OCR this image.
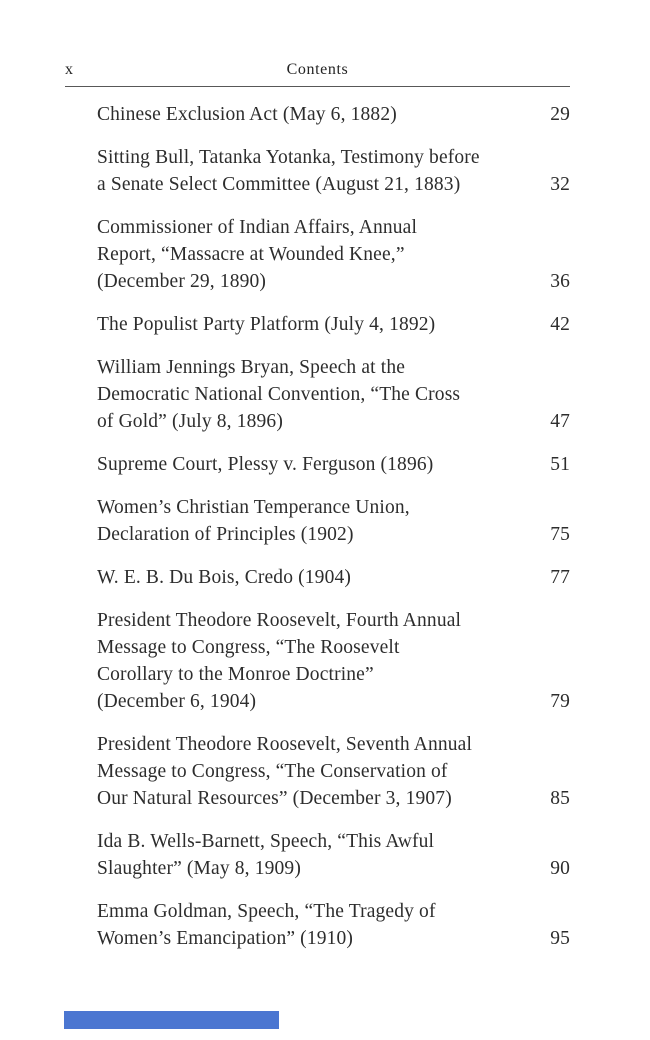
x	Contents
Chinese Exclusion Act (May 6, 1882)	29
Sitting Bull, Tatanka Yotanka, Testimony before
a Senate Select Committee (August 21, 1883)	32
Commissioner of Indian Affairs, Annual
Report, “Massacre at Wounded Knee,”
(December 29, 1890)	36
The Populist Party Platform (July 4, 1892)	42
William Jennings Bryan, Speech at the
Democratic National Convention, “The Cross
of Gold” (July 8, 1896)	47
Supreme Court, Plessy v. Ferguson (1896)	51
Women’s Christian Temperance Union,
Declaration of Principles (1902)	75
W. E. B. Du Bois, Credo (1904)	77
President Theodore Roosevelt, Fourth Annual
Message to Congress, “The Roosevelt
Corollary to the Monroe Doctrine”
(December 6, 1904)	79
President Theodore Roosevelt, Seventh Annual
Message to Congress, “The Conservation of
Our Natural Resources” (December 3, 1907)	85
Ida B. Wells-Barnett, Speech, “This Awful
Slaughter” (May 8, 1909)	90
Emma Goldman, Speech, “The Tragedy of
Women’s Emancipation” (1910)	95
